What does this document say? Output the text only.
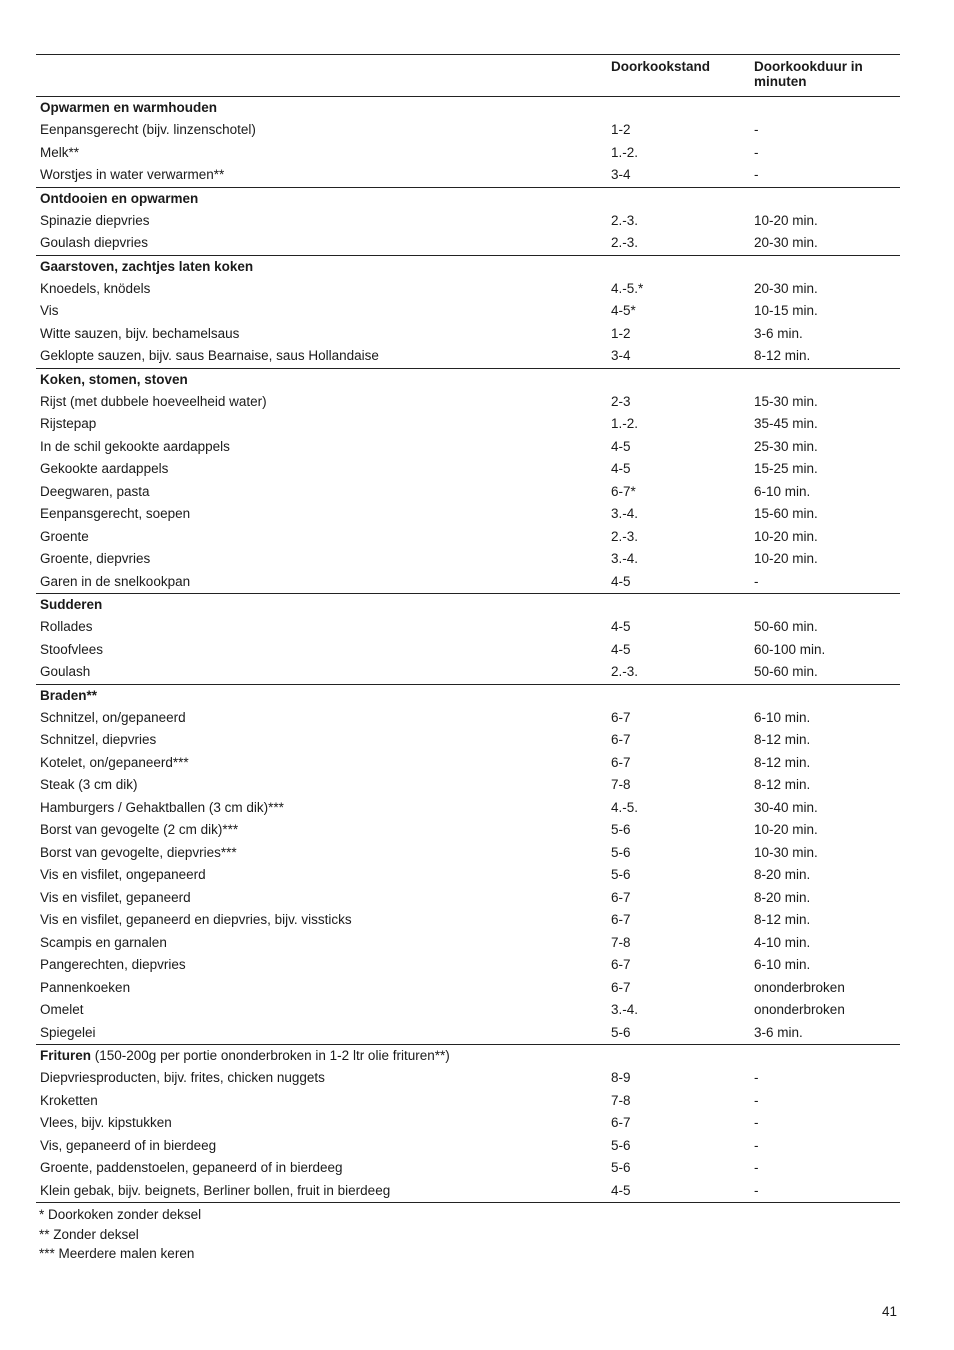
Doorkookstand	Doorkookduur in minuten
Opwarmen en warmhouden
Eenpansgerecht (bijv. linzenschotel)	1-2	-
Melk**	1.-2.	-
Worstjes in water verwarmen**	3-4	-
Ontdooien en opwarmen
Spinazie diepvries	2.-3.	10-20 min.
Goulash diepvries	2.-3.	20-30 min.
Gaarstoven, zachtjes laten koken
Knoedels, knödels	4.-5.*	20-30 min.
Vis	4-5*	10-15 min.
Witte sauzen, bijv. bechamelsaus	1-2	3-6 min.
Geklopte sauzen, bijv. saus Bearnaise, saus Hollandaise	3-4	8-12 min.
Koken, stomen, stoven
Rijst (met dubbele hoeveelheid water)	2-3	15-30 min.
Rijstepap	1.-2.	35-45 min.
In de schil gekookte aardappels	4-5	25-30 min.
Gekookte aardappels	4-5	15-25 min.
Deegwaren, pasta	6-7*	6-10 min.
Eenpansgerecht, soepen	3.-4.	15-60 min.
Groente	2.-3.	10-20 min.
Groente, diepvries	3.-4.	10-20 min.
Garen in de snelkookpan	4-5	-
Sudderen
Rollades	4-5	50-60 min.
Stoofvlees	4-5	60-100 min.
Goulash	2.-3.	50-60 min.
Braden**
Schnitzel, on/gepaneerd	6-7	6-10 min.
Schnitzel, diepvries	6-7	8-12 min.
Kotelet, on/gepaneerd***	6-7	8-12 min.
Steak (3 cm dik)	7-8	8-12 min.
Hamburgers / Gehaktballen (3 cm dik)***	4.-5.	30-40 min.
Borst van gevogelte (2 cm dik)***	5-6	10-20 min.
Borst van gevogelte, diepvries***	5-6	10-30 min.
Vis en visfilet, ongepaneerd	5-6	8-20 min.
Vis en visfilet, gepaneerd	6-7	8-20 min.
Vis en visfilet, gepaneerd en diepvries, bijv. vissticks	6-7	8-12 min.
Scampis en garnalen	7-8	4-10 min.
Pangerechten, diepvries	6-7	6-10 min.
Pannenkoeken	6-7	ononderbroken
Omelet	3.-4.	ononderbroken
Spiegelei	5-6	3-6 min.
Frituren (150-200g per portie ononderbroken in 1-2 ltr olie frituren**)
Diepvriesproducten, bijv. frites, chicken nuggets	8-9	-
Kroketten	7-8	-
Vlees, bijv. kipstukken	6-7	-
Vis, gepaneerd of in bierdeeg	5-6	-
Groente, paddenstoelen, gepaneerd of in bierdeeg	5-6	-
Klein gebak, bijv. beignets, Berliner bollen, fruit in bierdeeg	4-5	-
* Doorkoken zonder deksel
** Zonder deksel
*** Meerdere malen keren
41
